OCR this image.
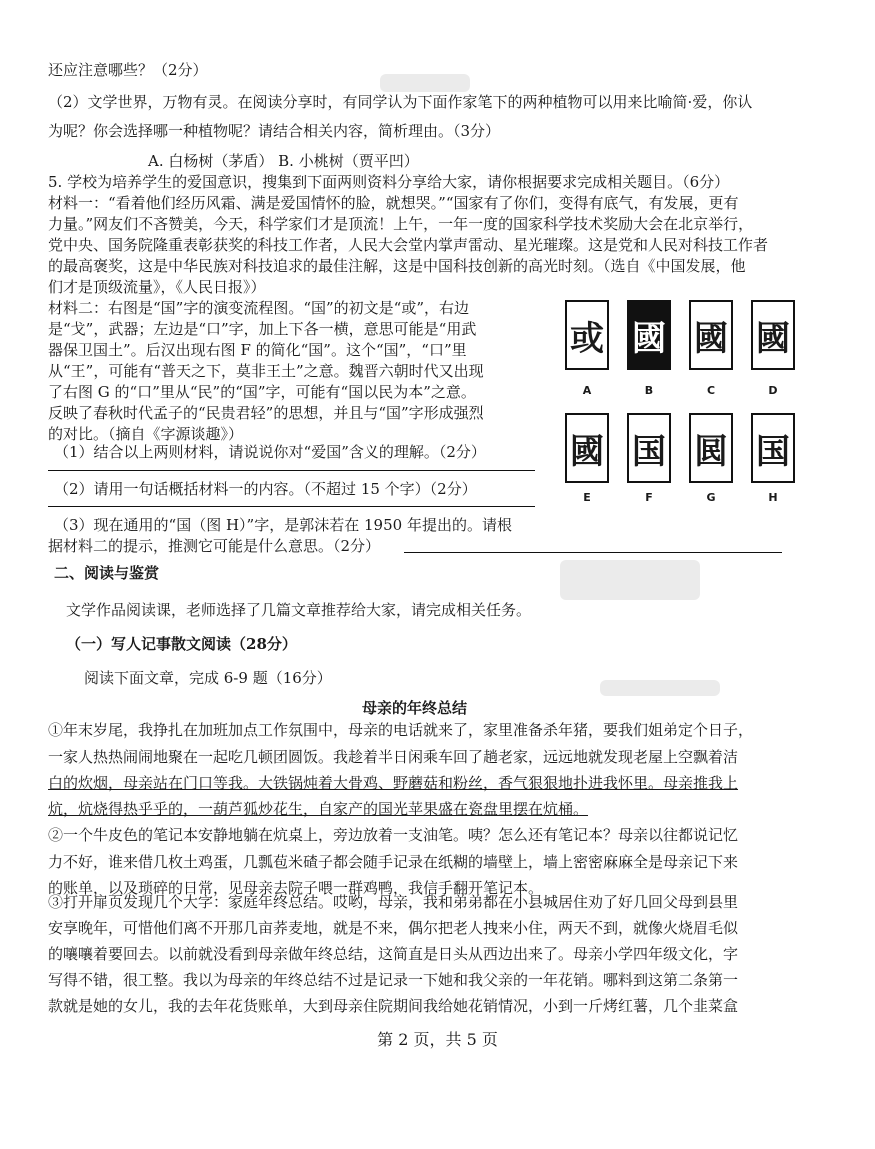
还应注意哪些？（2分）
（2）文学世界，万物有灵。在阅读分享时，有同学认为下面作家笔下的两种植物可以用来比喻简·爱，你认
为呢？你会选择哪一种植物呢？请结合相关内容，简析理由。（3分）
A. 白杨树（茅盾） B. 小桃树（贾平凹）
5. 学校为培养学生的爱国意识，搜集到下面两则资料分享给大家，请你根据要求完成相关题目。（6分）
材料一：“看着他们经历风霜、满是爱国情怀的脸，就想哭。”“国家有了你们，变得有底气，有发展，更有
力量。”网友们不吝赞美，今天，科学家们才是顶流！上午，一年一度的国家科学技术奖励大会在北京举行，
党中央、国务院隆重表彰获奖的科技工作者，人民大会堂内掌声雷动、星光璀璨。这是党和人民对科技工作者
的最高褒奖，这是中华民族对科技追求的最佳注解，这是中国科技创新的高光时刻。（选自《中国发展，他
们才是顶级流量》，《人民日报》）
材料二：右图是“国”字的演变流程图。“国”的初文是“或”，右边
是“戈”，武器；左边是“口”字，加上下各一横，意思可能是“用武
器保卫国土”。后汉出现右图 F 的简化“国”。这个“国”，“口”里
从“王”，可能有“普天之下，莫非王土”之意。魏晋六朝时代又出现
了右图 G 的“口”里从“民”的“国”字，可能有“国以民为本”之意。
反映了春秋时代孟子的“民贵君轻”的思想，并且与“国”字形成强烈
的对比。（摘自《字源谈趣》）
（1）结合以上两则材料，请说说你对“爱国”含义的理解。（2分）
（2）请用一句话概括材料一的内容。（不超过 15 个字）（2分）
（3）现在通用的“国（图 H）”字，是郭沫若在 1950 年提出的。请根
据材料二的提示，推测它可能是什么意思。（2分）
二、阅读与鉴赏
文学作品阅读课，老师选择了几篇文章推荐给大家，请完成相关任务。
（一）写人记事散文阅读（28分）
阅读下面文章，完成 6-9 题（16分）
母亲的年终总结
①年末岁尾，我挣扎在加班加点工作氛围中，母亲的电话就来了，家里准备杀年猪，要我们姐弟定个日子，
一家人热热闹闹地聚在一起吃几顿团圆饭。我趁着半日闲乘车回了趟老家，远远地就发现老屋上空飘着洁
白的炊烟，母亲站在门口等我。大铁锅炖着大骨鸡、野蘑菇和粉丝，香气狠狠地扑进我怀里。母亲推我上
炕，炕烧得热乎乎的，一葫芦狐炒花生，自家产的国光苹果盛在瓷盘里摆在炕桶。
②一个牛皮色的笔记本安静地躺在炕桌上，旁边放着一支油笔。咦？怎么还有笔记本？母亲以往都说记忆
力不好，谁来借几枚土鸡蛋，几瓢苞米碴子都会随手记录在纸糊的墙壁上，墙上密密麻麻全是母亲记下来
的账单，以及琐碎的日常，见母亲去院子喂一群鸡鸭，我信手翻开笔记本。
③打开扉页发现几个大字：家庭年终总结。哎哟，母亲，我和弟弟都在小县城居住劝了好几回父母到县里
安享晚年，可惜他们离不开那几亩荞麦地，就是不来，偶尔把老人拽来小住，两天不到，就像火烧眉毛似
的嚷嚷着要回去。以前就没看到母亲做年终总结，这简直是日头从西边出来了。母亲小学四年级文化，字
写得不错，很工整。我以为母亲的年终总结不过是记录一下她和我父亲的一年花销。哪料到这第二条第一
款就是她的女儿，我的去年花货账单，大到母亲住院期间我给她花销情况，小到一斤烤红薯，几个韭菜盒
或 國 國 國
A	B	C	D
國 国 囻 国
E	F	G	H
第 2 页，共 5 页
